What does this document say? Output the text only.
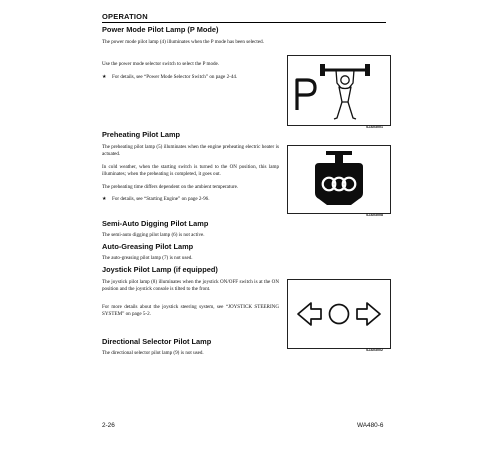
OPERATION
Power Mode Pilot Lamp (P Mode)
The power mode pilot lamp (4) illuminates when the P mode has been selected.
Use the power mode selector switch to select the P mode.
★ For details, see “Power Mode Selector Switch” on page 2-44.
SJA03001
Preheating Pilot Lamp
The preheating pilot lamp (5) illuminates when the engine preheating electric heater is actuated.
In cold weather, when the starting switch is turned to the ON position, this lamp illuminates; when the preheating is completed, it goes out.
The preheating time differs dependent on the ambient temperature.
★ For details, see “Starting Engine” on page 2-96.
SJA03008
Semi-Auto Digging Pilot Lamp
The semi-auto digging pilot lamp (6) is not active.
Auto-Greasing Pilot Lamp
The auto-greasing pilot lamp (7) is not used.
Joystick Pilot Lamp (if equipped)
The joystick pilot lamp (8) illuminates when the joystick ON/OFF switch is at the ON position and the joystick console is tilted to the front.
For more details about the joystick steering system, see “JOYSTICK STEERING SYSTEM” on page 5-2.
SJA03002
Directional Selector Pilot Lamp
The directional selector pilot lamp (9) is not used.
2-26	WA480-6
